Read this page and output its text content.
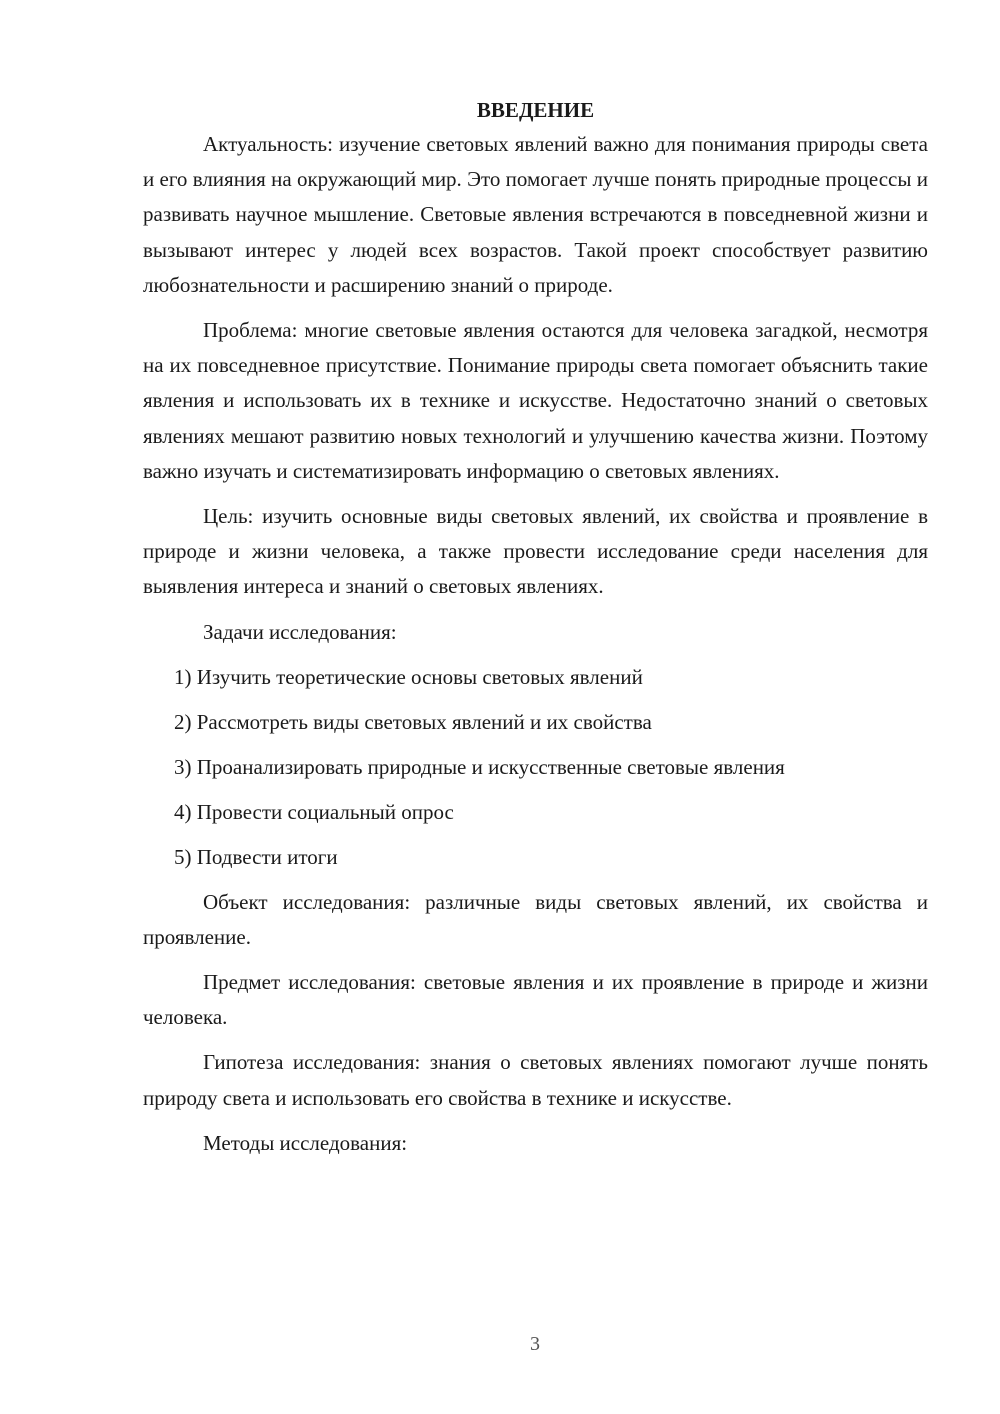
ВВЕДЕНИЕ

Актуальность: изучение световых явлений важно для понимания природы света и его влияния на окружающий мир. Это помогает лучше понять природные процессы и развивать научное мышление. Световые явления встречаются в повседневной жизни и вызывают интерес у людей всех возрастов. Такой проект способствует развитию любознательности и расширению знаний о природе.

Проблема: многие световые явления остаются для человека загадкой, несмотря на их повседневное присутствие. Понимание природы света помогает объяснить такие явления и использовать их в технике и искусстве. Недостаточно знаний о световых явлениях мешают развитию новых технологий и улучшению качества жизни. Поэтому важно изучать и систематизировать информацию о световых явлениях.

Цель: изучить основные виды световых явлений, их свойства и проявление в природе и жизни человека, а также провести исследование среди населения для выявления интереса и знаний о световых явлениях.

Задачи исследования:

1) Изучить теоретические основы световых явлений

2) Рассмотреть виды световых явлений и их свойства

3) Проанализировать природные и искусственные световые явления

4) Провести социальный опрос

5) Подвести итоги

Объект исследования: различные виды световых явлений, их свойства и проявление.

Предмет исследования: световые явления и их проявление в природе и жизни человека.

Гипотеза исследования: знания о световых явлениях помогают лучше понять природу света и использовать его свойства в технике и искусстве.

Методы исследования:

3
